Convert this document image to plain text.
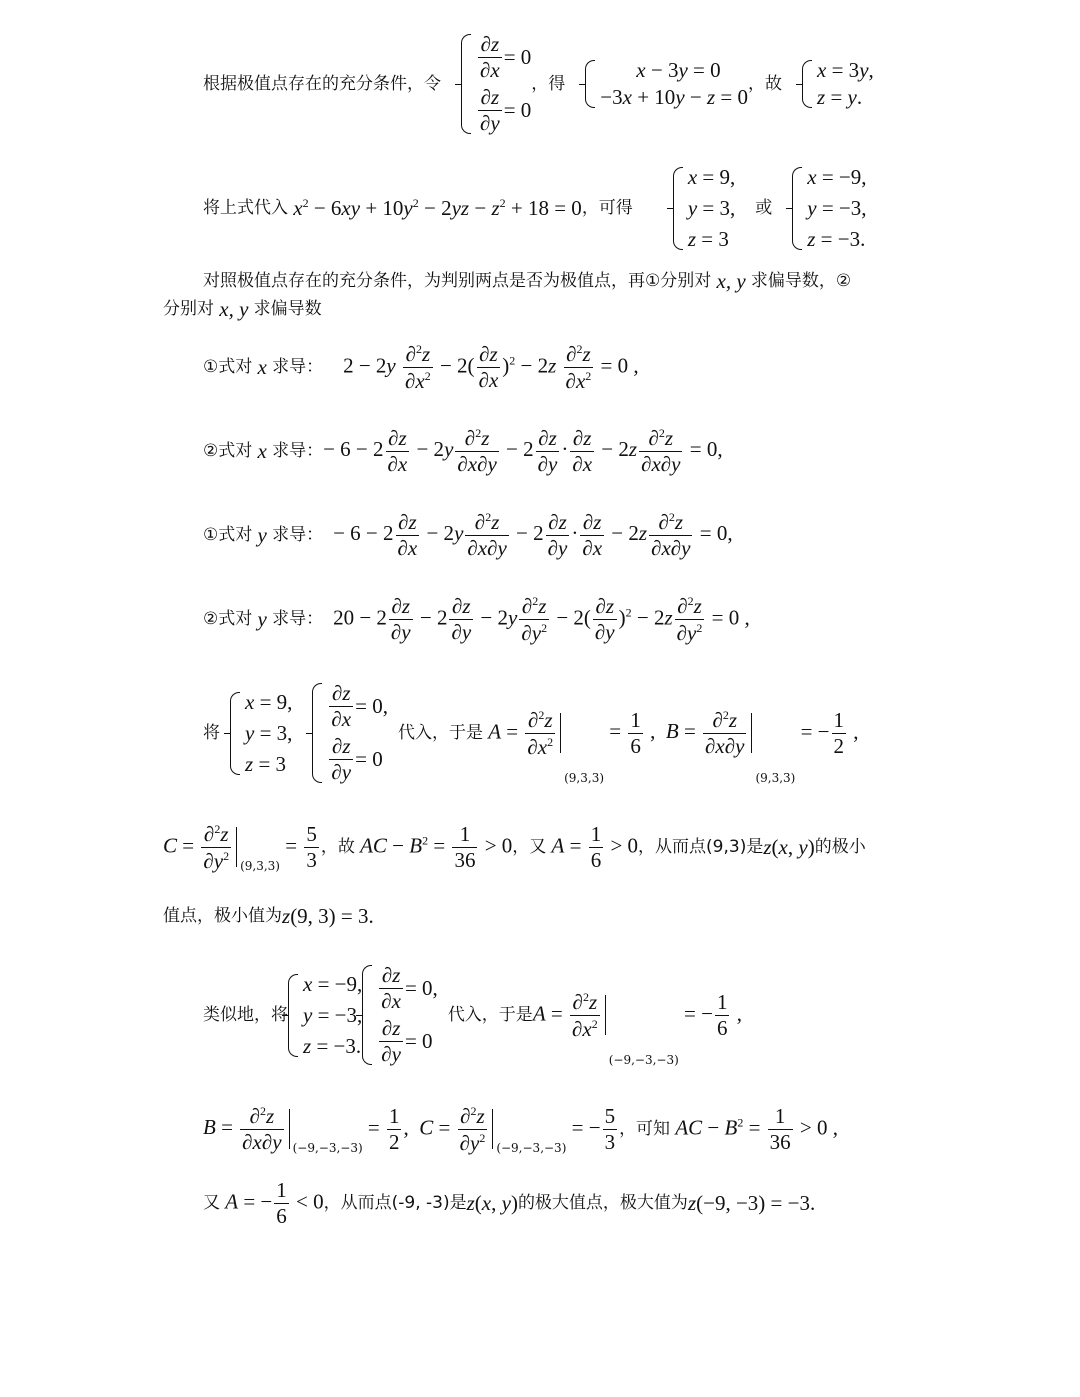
根据极值点存在的充分条件，令
$\frac{\partial z}{\partial x} = 0$
$\frac{\partial z}{\partial y} = 0$
，得
x − 3 y = 0
−3 x + 10 y − z = 0
，故
x = 3 y ,
z = y .
将上式代入 $x^2 - 6xy + 10y^2 - 2yz - z^2 + 18 = 0$ ，可得
x = 9,
y = 3,
z = 3
或
x = −9,
y = −3,
z = −3.
对照极值点存在的充分条件，为判别两点是否为极值点，再①分别对 x, y 求偏导数，②
分别对 x, y 求偏导数
①式对 x 求导： $2 - 2y \frac{\partial^2z}{\partial x^2} - 2( \frac{\partial z}{\partial x} )^2 - 2z \frac{\partial^2z}{\partial x^2} = 0$ ,
②式对 x 求导： − $6 - 2 \frac{\partial z}{\partial x} - 2y \frac{\partial^2z}{\partial x\partial y} - 2 \frac{\partial z}{\partial y} \cdot \frac{\partial z}{\partial x} - 2z \frac{\partial^2z}{\partial x\partial y} = 0$,
①式对 y 求导： − $6 - 2 \frac{\partial z}{\partial x} - 2y \frac{\partial^2z}{\partial x\partial y} - 2 \frac{\partial z}{\partial y} \cdot \frac{\partial z}{\partial x} - 2z \frac{\partial^2z}{\partial x\partial y} = 0$,
②式对 y 求导： $20 - 2 \frac{\partial z}{\partial y} - 2 \frac{\partial z}{\partial y} - 2y \frac{\partial^2z}{\partial y^2} - 2( \frac{\partial z}{\partial y} )^2 - 2z \frac{\partial^2z}{\partial y^2} = 0$ ,
将
x = 9,
y = 3,
z = 3
$\frac{\partial z}{\partial x} = 0$,
$\frac{\partial z}{\partial y} = 0$
代入，于是 $A = \frac{\partial^2z}{\partial x^2}$
(9,3,3)
= $\frac{1}{6}$ ,  $B = \frac{\partial^2z}{\partial x\partial y}$
(9,3,3)
= − $\frac{1}{2}$ ,
$C = \frac{\partial^2z}{\partial y^2} (9,3,3)$
= $\frac{5}{3}$ ，故 AC − $B^2 = \frac{1}{36} > 0$ ，又 $A = \frac{1}{6} > 0$ ，从而点(9,3)是 z(x, y) 的极小
值点，极小值为 z(9, 3) = 3.
类似地，将
x = −9,
y = −3,
z = −3.
$\frac{\partial z}{\partial x} = 0$,
$\frac{\partial z}{\partial y} = 0$
代入，于是 $A = \frac{\partial^2z}{\partial x^2}$
(−9,−3,−3)
= − $\frac{1}{6}$ ,
$B = \frac{\partial^2z}{\partial x\partial y} (-9,-3,-3)$
= $\frac{1}{2}$ ,  $C = \frac{\partial^2z}{\partial y^2} (-9,-3,-3)$
= − $\frac{5}{3}$ ，可知 AC − $B^2 = \frac{1}{36} > 0$ ,
又 A = − $\frac{1}{6} < 0$ ，从而点(-9, -3)是 z(x, y) 的极大值点，极大值为 z(−9, −3) = −3.
